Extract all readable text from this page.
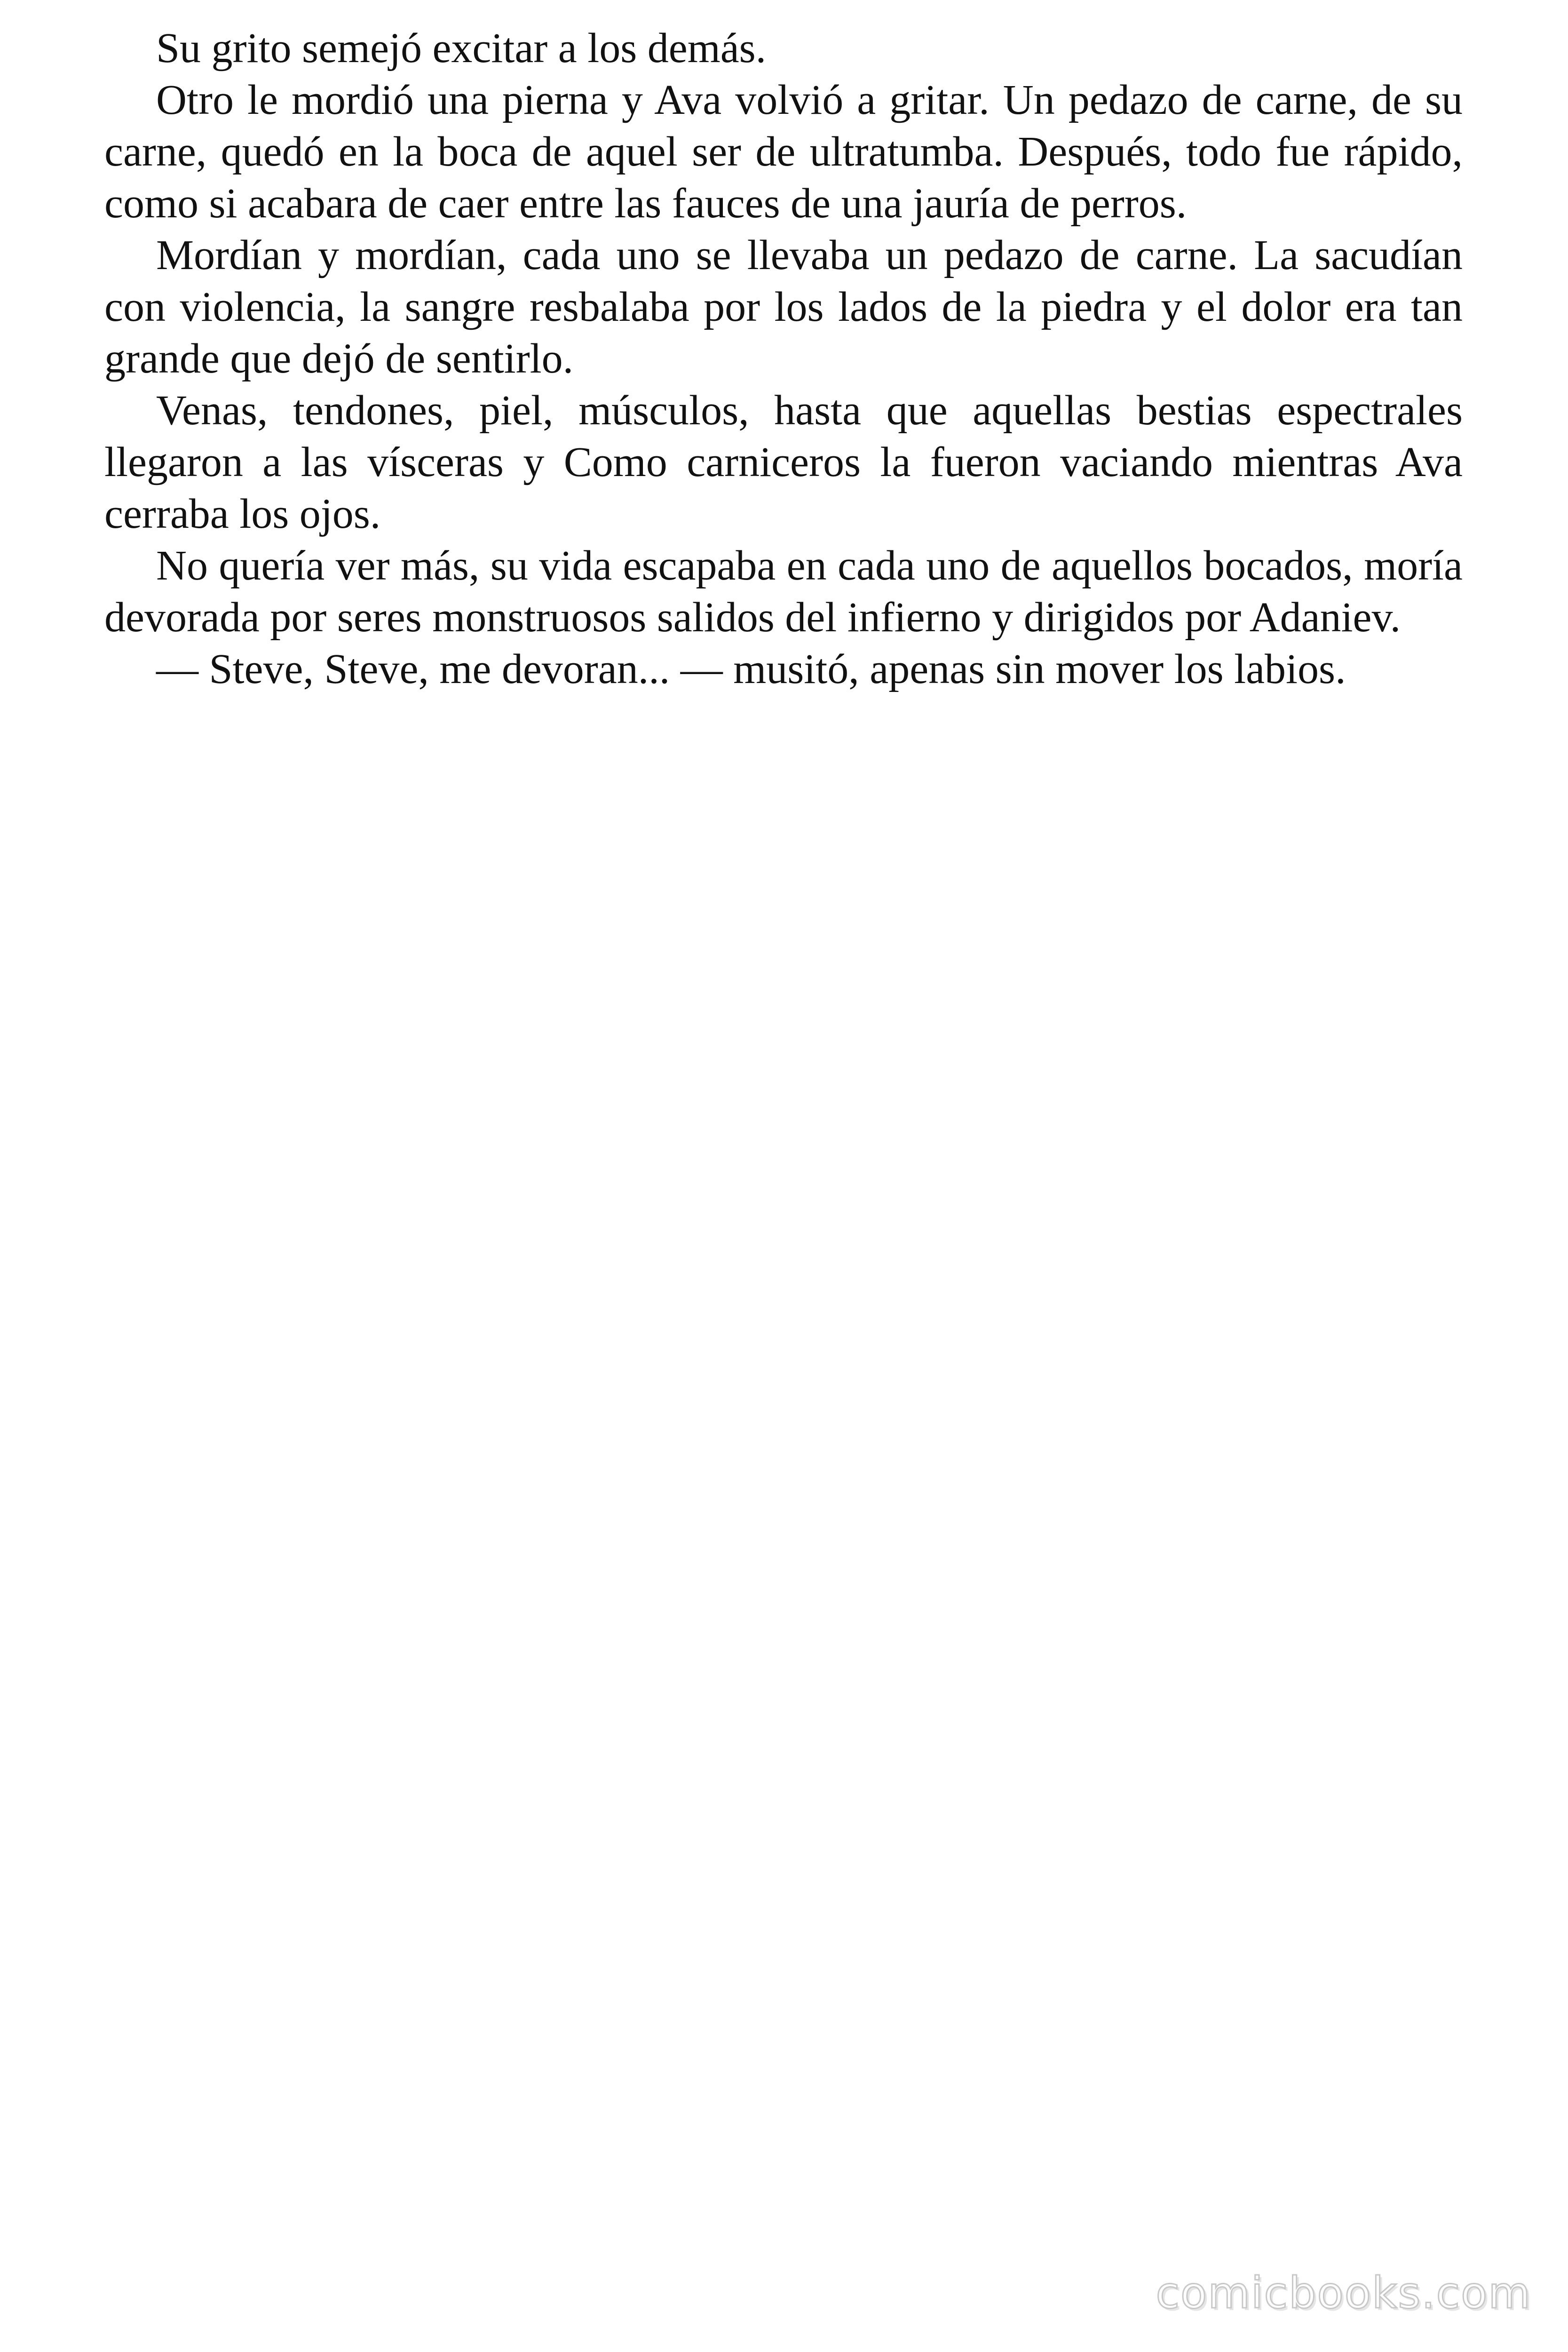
Su grito semejó excitar a los demás.

Otro le mordió una pierna y Ava volvió a gritar. Un pedazo de carne, de su carne, quedó en la boca de aquel ser de ultratumba. Después, todo fue rápido, como si acabara de caer entre las fauces de una jauría de perros.

Mordían y mordían, cada uno se llevaba un pedazo de carne. La sacudían con violencia, la sangre resbalaba por los lados de la piedra y el dolor era tan grande que dejó de sentirlo.

Venas, tendones, piel, músculos, hasta que aquellas bestias espectrales llegaron a las vísceras y Como carniceros la fueron vaciando mientras Ava cerraba los ojos.

No quería ver más, su vida escapaba en cada uno de aquellos bocados, moría devorada por seres monstruosos salidos del infierno y dirigidos por Adaniev.

— Steve, Steve, me devoran... — musitó, apenas sin mover los labios.

comicbooks.com
